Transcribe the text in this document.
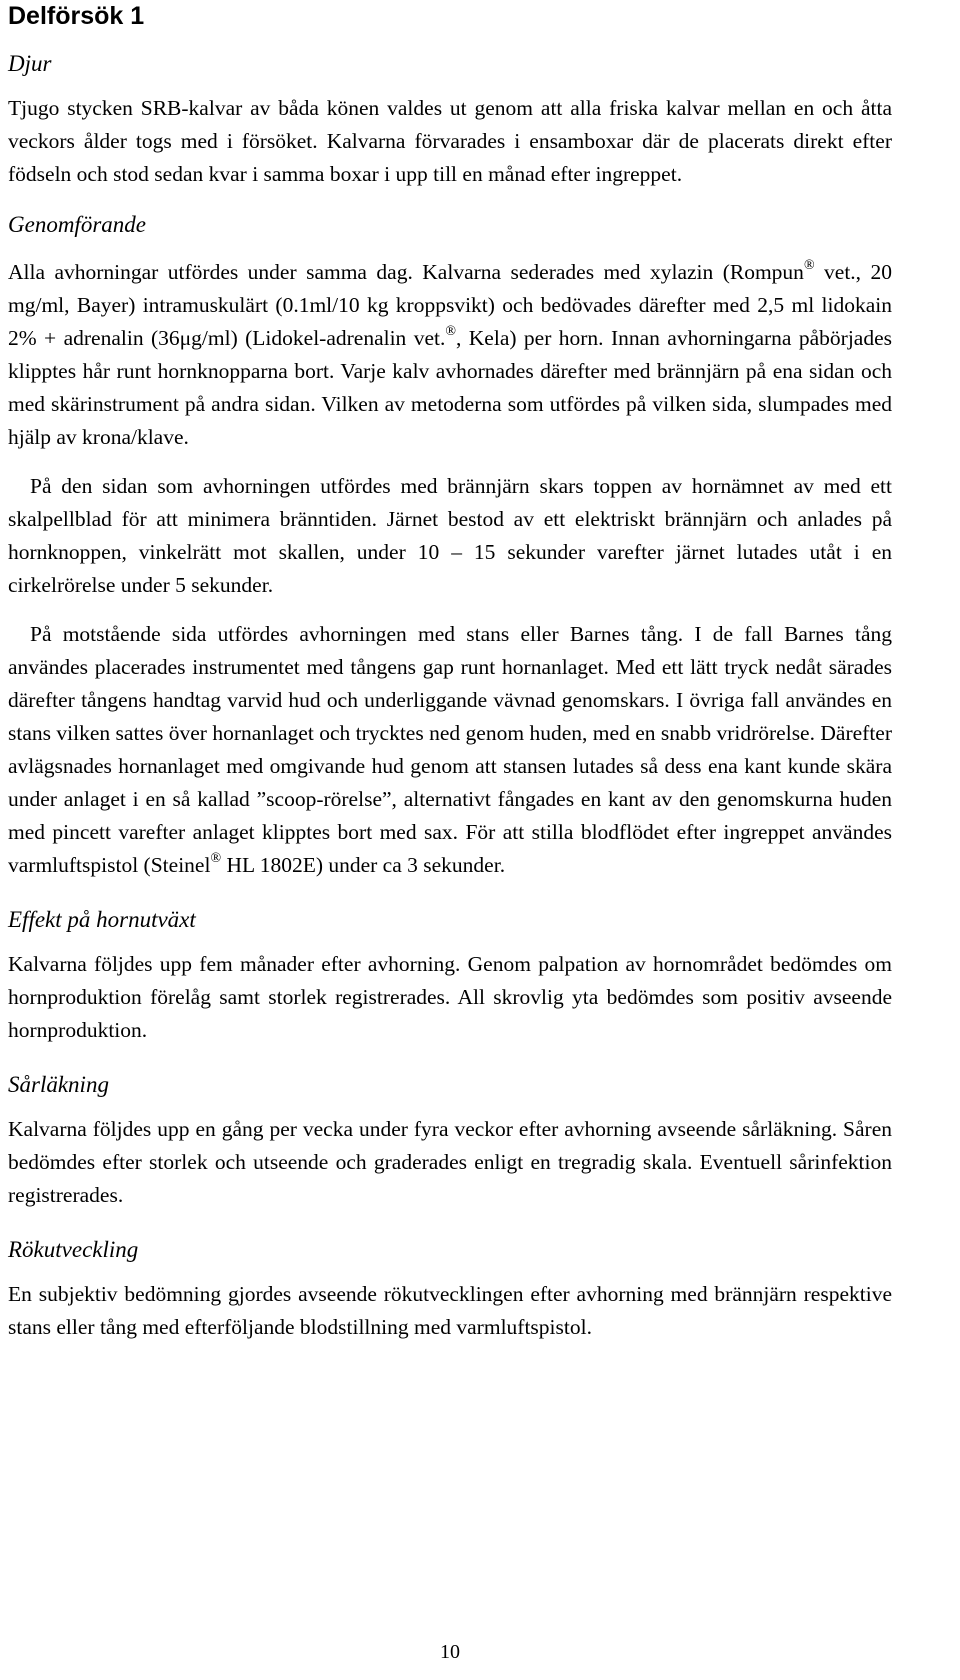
Delförsök 1
Djur

Tjugo stycken SRB-kalvar av båda könen valdes ut genom att alla friska kalvar mellan en och åtta veckors ålder togs med i försöket. Kalvarna förvarades i ensamboxar där de placerats direkt efter födseln och stod sedan kvar i samma boxar i upp till en månad efter ingreppet.

Genomförande

Alla avhorningar utfördes under samma dag. Kalvarna sederades med xylazin (Rompun® vet., 20 mg/ml, Bayer) intramuskulärt (0.1ml/10 kg kroppsvikt) och bedövades därefter med 2,5 ml lidokain 2% + adrenalin (36μg/ml) (Lidokel-adrenalin vet.®, Kela) per horn. Innan avhorningarna påbörjades klipptes hår runt hornknopparna bort. Varje kalv avhornades därefter med brännjärn på ena sidan och med skärinstrument på andra sidan. Vilken av metoderna som utfördes på vilken sida, slumpades med hjälp av krona/klave.

På den sidan som avhorningen utfördes med brännjärn skars toppen av hornämnet av med ett skalpellblad för att minimera bränntiden. Järnet bestod av ett elektriskt brännjärn och anlades på hornknoppen, vinkelrätt mot skallen, under 10 – 15 sekunder varefter järnet lutades utåt i en cirkelrörelse under 5 sekunder.

På motstående sida utfördes avhorningen med stans eller Barnes tång. I de fall Barnes tång användes placerades instrumentet med tångens gap runt hornanlaget. Med ett lätt tryck nedåt särades därefter tångens handtag varvid hud och underliggande vävnad genomskars. I övriga fall användes en stans vilken sattes över hornanlaget och trycktes ned genom huden, med en snabb vridrörelse. Därefter avlägsnades hornanlaget med omgivande hud genom att stansen lutades så dess ena kant kunde skära under anlaget i en så kallad ”scoop-rörelse”, alternativt fångades en kant av den genomskurna huden med pincett varefter anlaget klipptes bort med sax. För att stilla blodflödet efter ingreppet användes varmluftspistol (Steinel® HL 1802E) under ca 3 sekunder.

Effekt på hornutväxt

Kalvarna följdes upp fem månader efter avhorning. Genom palpation av hornområdet bedömdes om hornproduktion förelåg samt storlek registrerades. All skrovlig yta bedömdes som positiv avseende hornproduktion.

Sårläkning

Kalvarna följdes upp en gång per vecka under fyra veckor efter avhorning avseende sårläkning. Såren bedömdes efter storlek och utseende och graderades enligt en tregradig skala. Eventuell sårinfektion registrerades.

Rökutveckling

En subjektiv bedömning gjordes avseende rökutvecklingen efter avhorning med brännjärn respektive stans eller tång med efterföljande blodstillning med varmluftspistol.

10
